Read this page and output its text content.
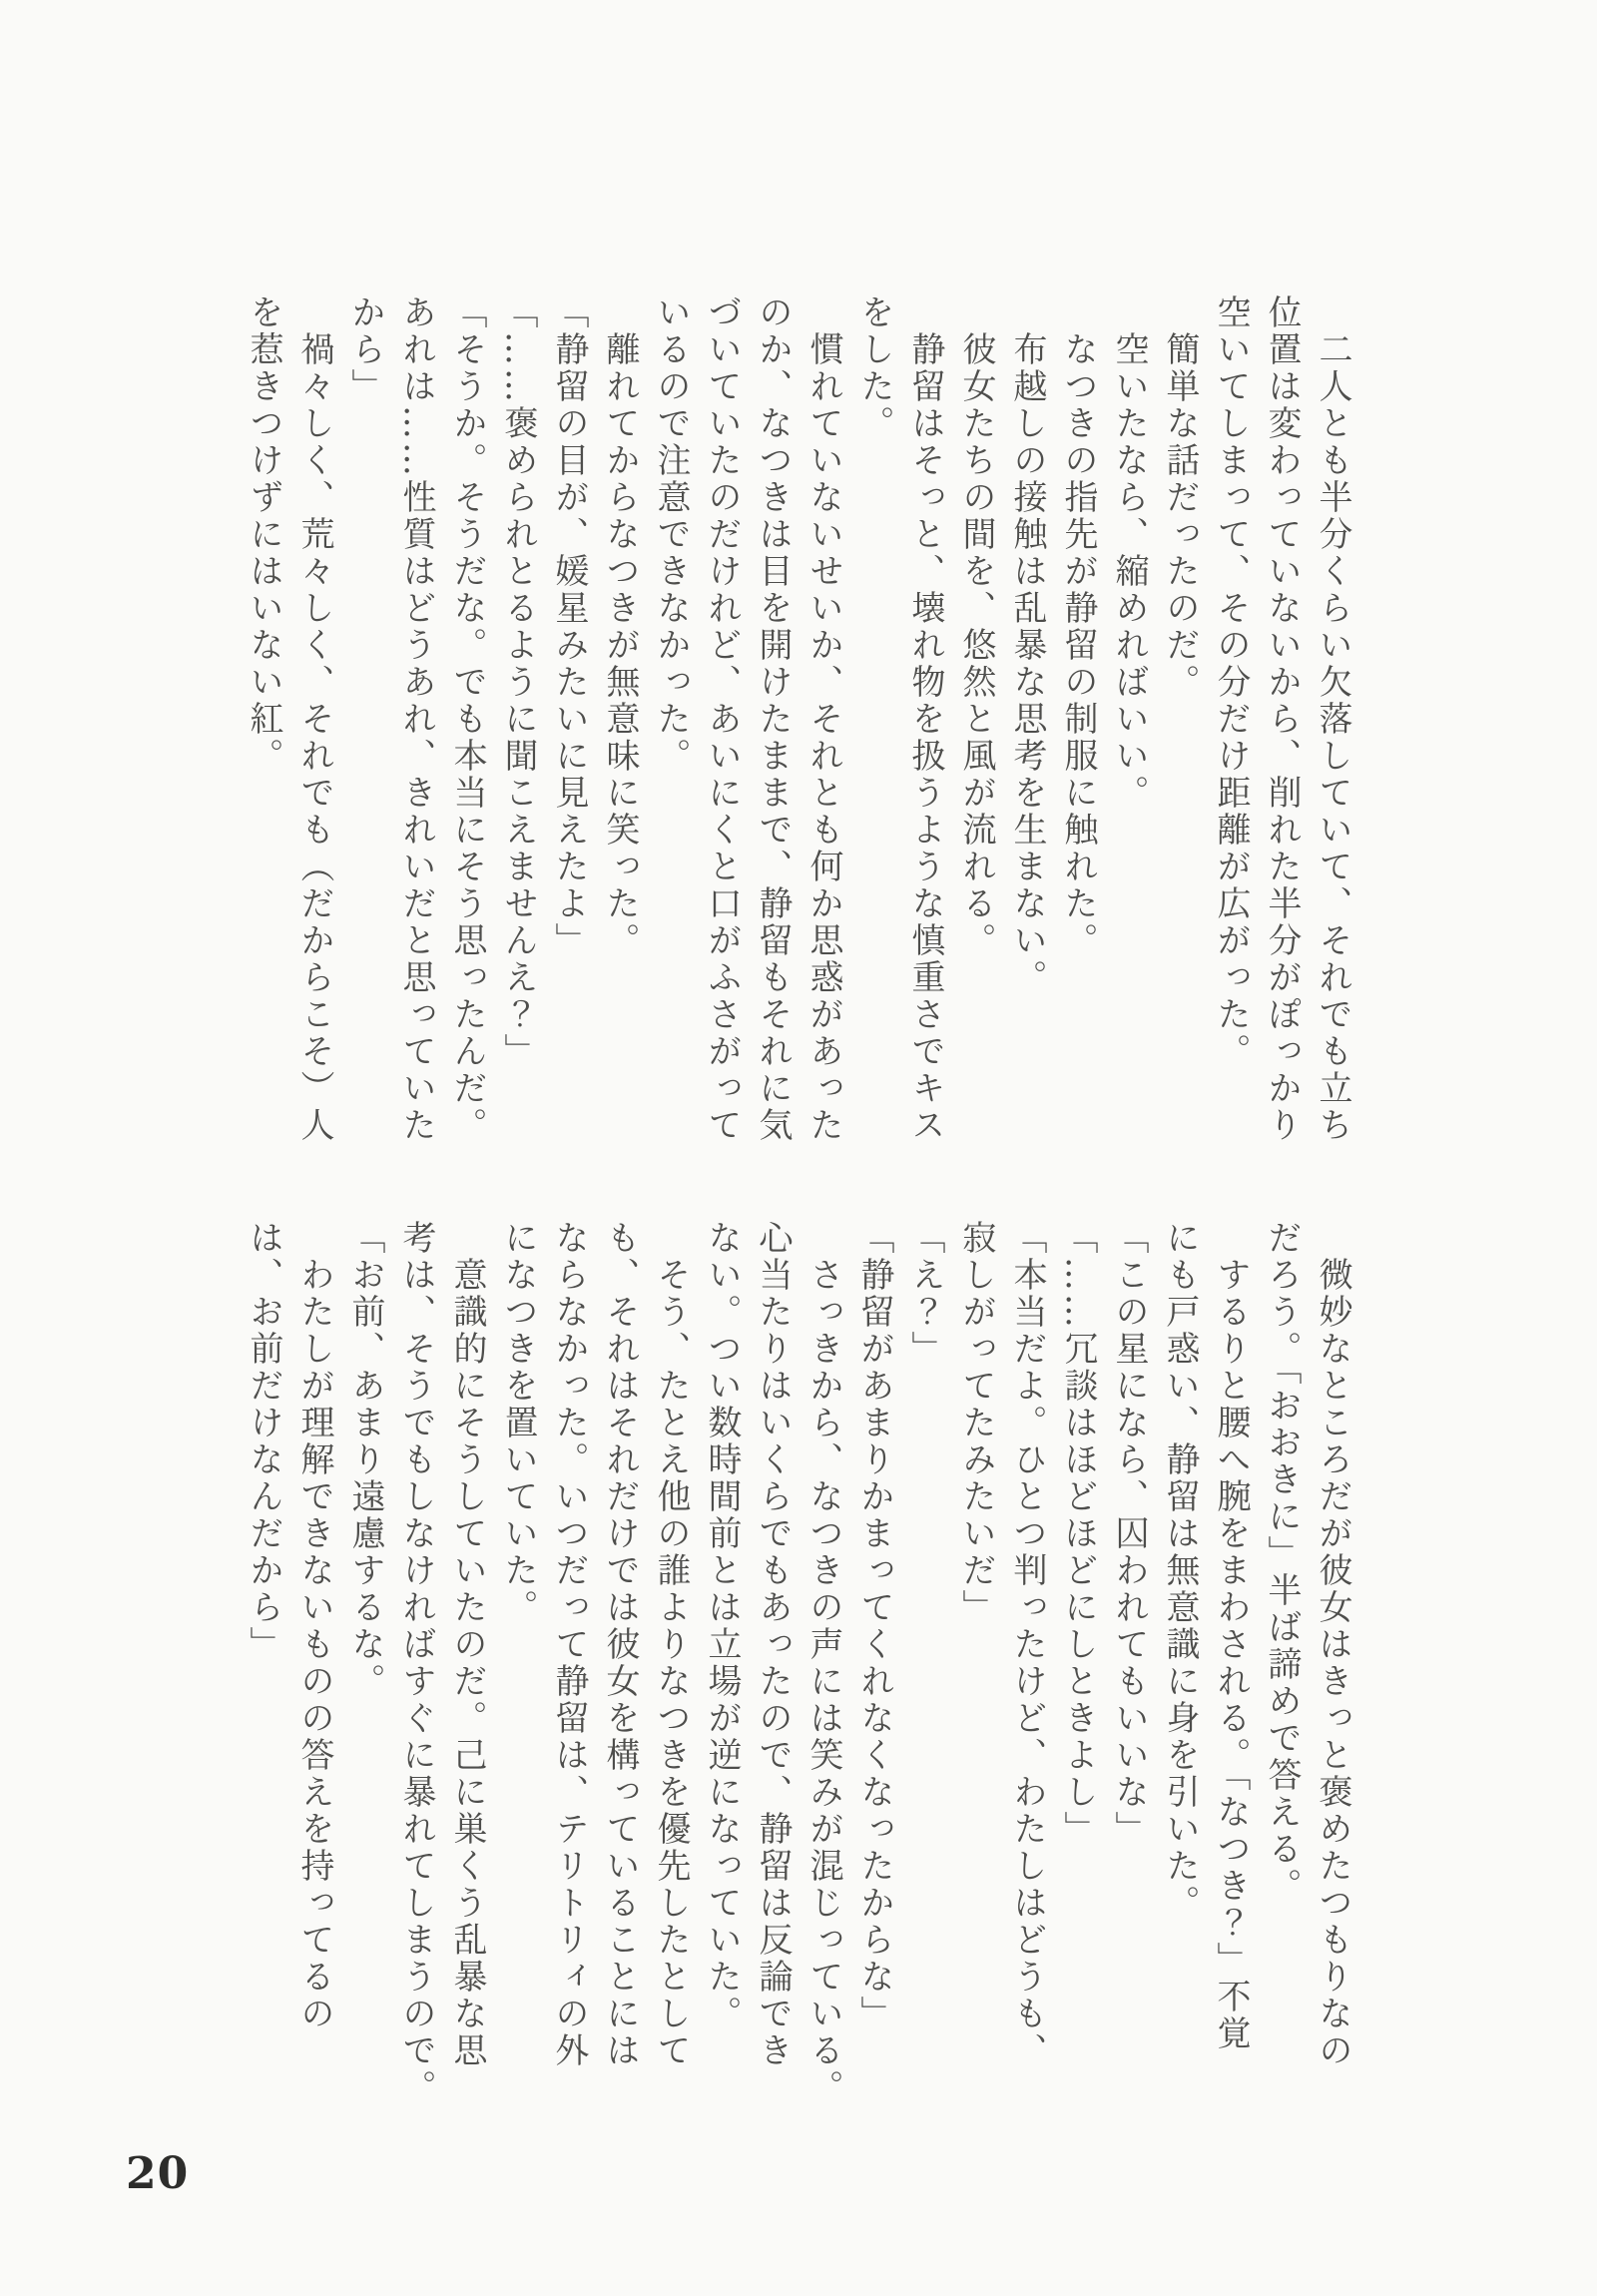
二人とも半分くらい欠落していて、それでも立ち

位置は変わっていないから、削れた半分がぽっかり

空いてしまって、その分だけ距離が広がった。

簡単な話だったのだ。

空いたなら、縮めればいい。

なつきの指先が静留の制服に触れた。

布越しの接触は乱暴な思考を生まない。

彼女たちの間を、悠然と風が流れる。

静留はそっと、壊れ物を扱うような慎重さでキス

をした。

慣れていないせいか、それとも何か思惑があった

のか、なつきは目を開けたままで、静留もそれに気

づいていたのだけれど、あいにくと口がふさがって

いるので注意できなかった。

離れてからなつきが無意味に笑った。

「静留の目が、媛星みたいに見えたよ」

「……褒められとるように聞こえませんえ？」

「そうか。そうだな。でも本当にそう思ったんだ。

あれは……性質はどうあれ、きれいだと思っていた

から」

禍々しく、荒々しく、それでも（だからこそ）人

を惹きつけずにはいない紅。

微妙なところだが彼女はきっと褒めたつもりなの

だろう。「おおきに」半ば諦めで答える。

するりと腰へ腕をまわされる。「なつき？」不覚

にも戸惑い、静留は無意識に身を引いた。

「この星になら、囚われてもいいな」

「……冗談はほどほどにしときよし」

「本当だよ。ひとつ判ったけど、わたしはどうも、

寂しがってたみたいだ」

「え？」

「静留があまりかまってくれなくなったからな」

さっきから、なつきの声には笑みが混じっている。

心当たりはいくらでもあったので、静留は反論でき

ない。つい数時間前とは立場が逆になっていた。

そう、たとえ他の誰よりなつきを優先したとして

も、それはそれだけでは彼女を構っていることには

ならなかった。いつだって静留は、テリトリィの外

になつきを置いていた。

意識的にそうしていたのだ。己に巣くう乱暴な思

考は、そうでもしなければすぐに暴れてしまうので。

「お前、あまり遠慮するな。

わたしが理解できないものの答えを持ってるの

は、お前だけなんだから」

20
